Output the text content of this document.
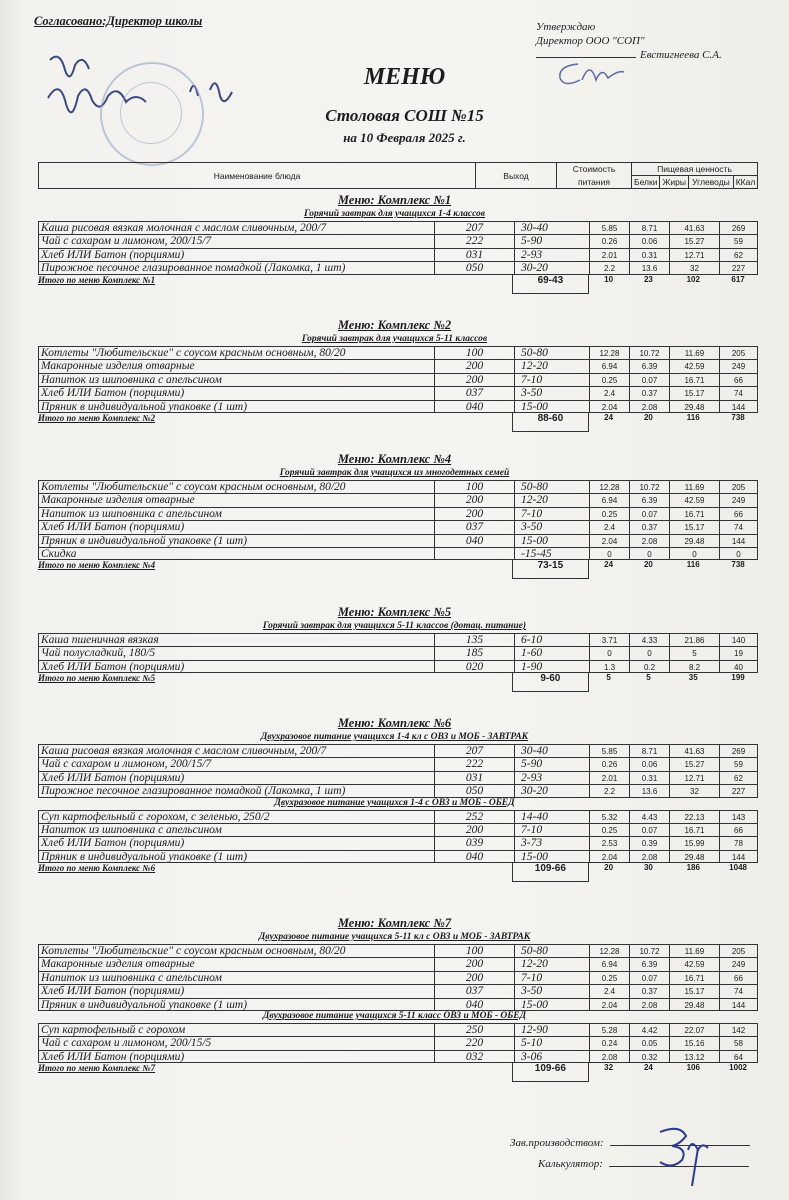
Согласовано:Директор школы	Утверждаю
Директор ООО "СОП"
Евстигнеева С.А.
МЕНЮ
Столовая СОШ №15
на 10 Февраля 2025 г.
Наименование блюда	Выход	Стоимость	Пищевая ценность			
		питания	Белки	Жиры	Углеводы	ККал
Меню: Комплекс №1
Горячий завтрак для учащихся 1-4 классов
Каша рисовая вязкая молочная с маслом сливочным, 200/7	207	30-40	5.85	8.71	41.63	269
Чай с сахаром и лимоном, 200/15/7	222	5-90	0.26	0.06	15.27	59
Хлеб ИЛИ Батон (порциями)	031	2-93	2.01	0.31	12.71	62
Пирожное песочное глазированное помадкой (Лакомка, 1 шт)	050	30-20	2.2	13.6	32	227
Итого по меню Комплекс №1	69-43	10	23	102	617
Меню: Комплекс №2
Горячий завтрак для учащихся 5-11 классов
Котлеты "Любительские" с соусом красным основным, 80/20	100	50-80	12.28	10.72	11.69	205
Макаронные изделия отварные	200	12-20	6.94	6.39	42.59	249
Напиток из шиповника с апельсином	200	7-10	0.25	0.07	16.71	66
Хлеб ИЛИ Батон (порциями)	037	3-50	2.4	0.37	15.17	74
Пряник в индивидуальной упаковке (1 шт)	040	15-00	2.04	2.08	29.48	144
Итого по меню Комплекс №2	88-60	24	20	116	738
Меню: Комплекс №4
Горячий завтрак для учащихся из многодетных семей
Котлеты "Любительские" с соусом красным основным, 80/20	100	50-80	12.28	10.72	11.69	205
Макаронные изделия отварные	200	12-20	6.94	6.39	42.59	249
Напиток из шиповника с апельсином	200	7-10	0.25	0.07	16.71	66
Хлеб ИЛИ Батон (порциями)	037	3-50	2.4	0.37	15.17	74
Пряник в индивидуальной упаковке (1 шт)	040	15-00	2.04	2.08	29.48	144
Скидка	-15-45	0	0	0	0
Итого по меню Комплекс №4	73-15	24	20	116	738
Меню: Комплекс №5
Горячий завтрак для учащихся 5-11 классов (дотац. питание)
Каша пшеничная вязкая	135	6-10	3.71	4.33	21.86	140
Чай полусладкий, 180/5	185	1-60	0	0	5	19
Хлеб ИЛИ Батон (порциями)	020	1-90	1.3	0.2	8.2	40
Итого по меню Комплекс №5	9-60	5	5	35	199
Меню: Комплекс №6
Двухразовое питание учащихся 1-4 кл с ОВЗ и МОБ - ЗАВТРАК
Каша рисовая вязкая молочная с маслом сливочным, 200/7	207	30-40	5.85	8.71	41.63	269
Чай с сахаром и лимоном, 200/15/7	222	5-90	0.26	0.06	15.27	59
Хлеб ИЛИ Батон (порциями)	031	2-93	2.01	0.31	12.71	62
Пирожное песочное глазированное помадкой (Лакомка, 1 шт)	050	30-20	2.2	13.6	32	227
Двухразовое питание учащихся 1-4 с ОВЗ и МОБ - ОБЕД
Суп картофельный с горохом, с зеленью, 250/2	252	14-40	5.32	4.43	22.13	143
Напиток из шиповника с апельсином	200	7-10	0.25	0.07	16.71	66
Хлеб ИЛИ Батон (порциями)	039	3-73	2.53	0.39	15.99	78
Пряник в индивидуальной упаковке (1 шт)	040	15-00	2.04	2.08	29.48	144
Итого по меню Комплекс №6	109-66	20	30	186	1048
Меню: Комплекс №7
Двухразовое питание учащихся 5-11 кл с ОВЗ и МОБ - ЗАВТРАК
Котлеты "Любительские" с соусом красным основным, 80/20	100	50-80	12.28	10.72	11.69	205
Макаронные изделия отварные	200	12-20	6.94	6.39	42.59	249
Напиток из шиповника с апельсином	200	7-10	0.25	0.07	16.71	66
Хлеб ИЛИ Батон (порциями)	037	3-50	2.4	0.37	15.17	74
Пряник в индивидуальной упаковке (1 шт)	040	15-00	2.04	2.08	29.48	144
Двухразовое питание учащихся 5-11 класс ОВЗ и МОБ - ОБЕД
Суп картофельный с горохом	250	12-90	5.28	4.42	22.07	142
Чай с сахаром и лимоном, 200/15/5	220	5-10	0.24	0.05	15.16	58
Хлеб ИЛИ Батон (порциями)	032	3-06	2.08	0.32	13.12	64
Итого по меню Комплекс №7	109-66	32	24	106	1002
Зав.производством:
Калькулятор:
